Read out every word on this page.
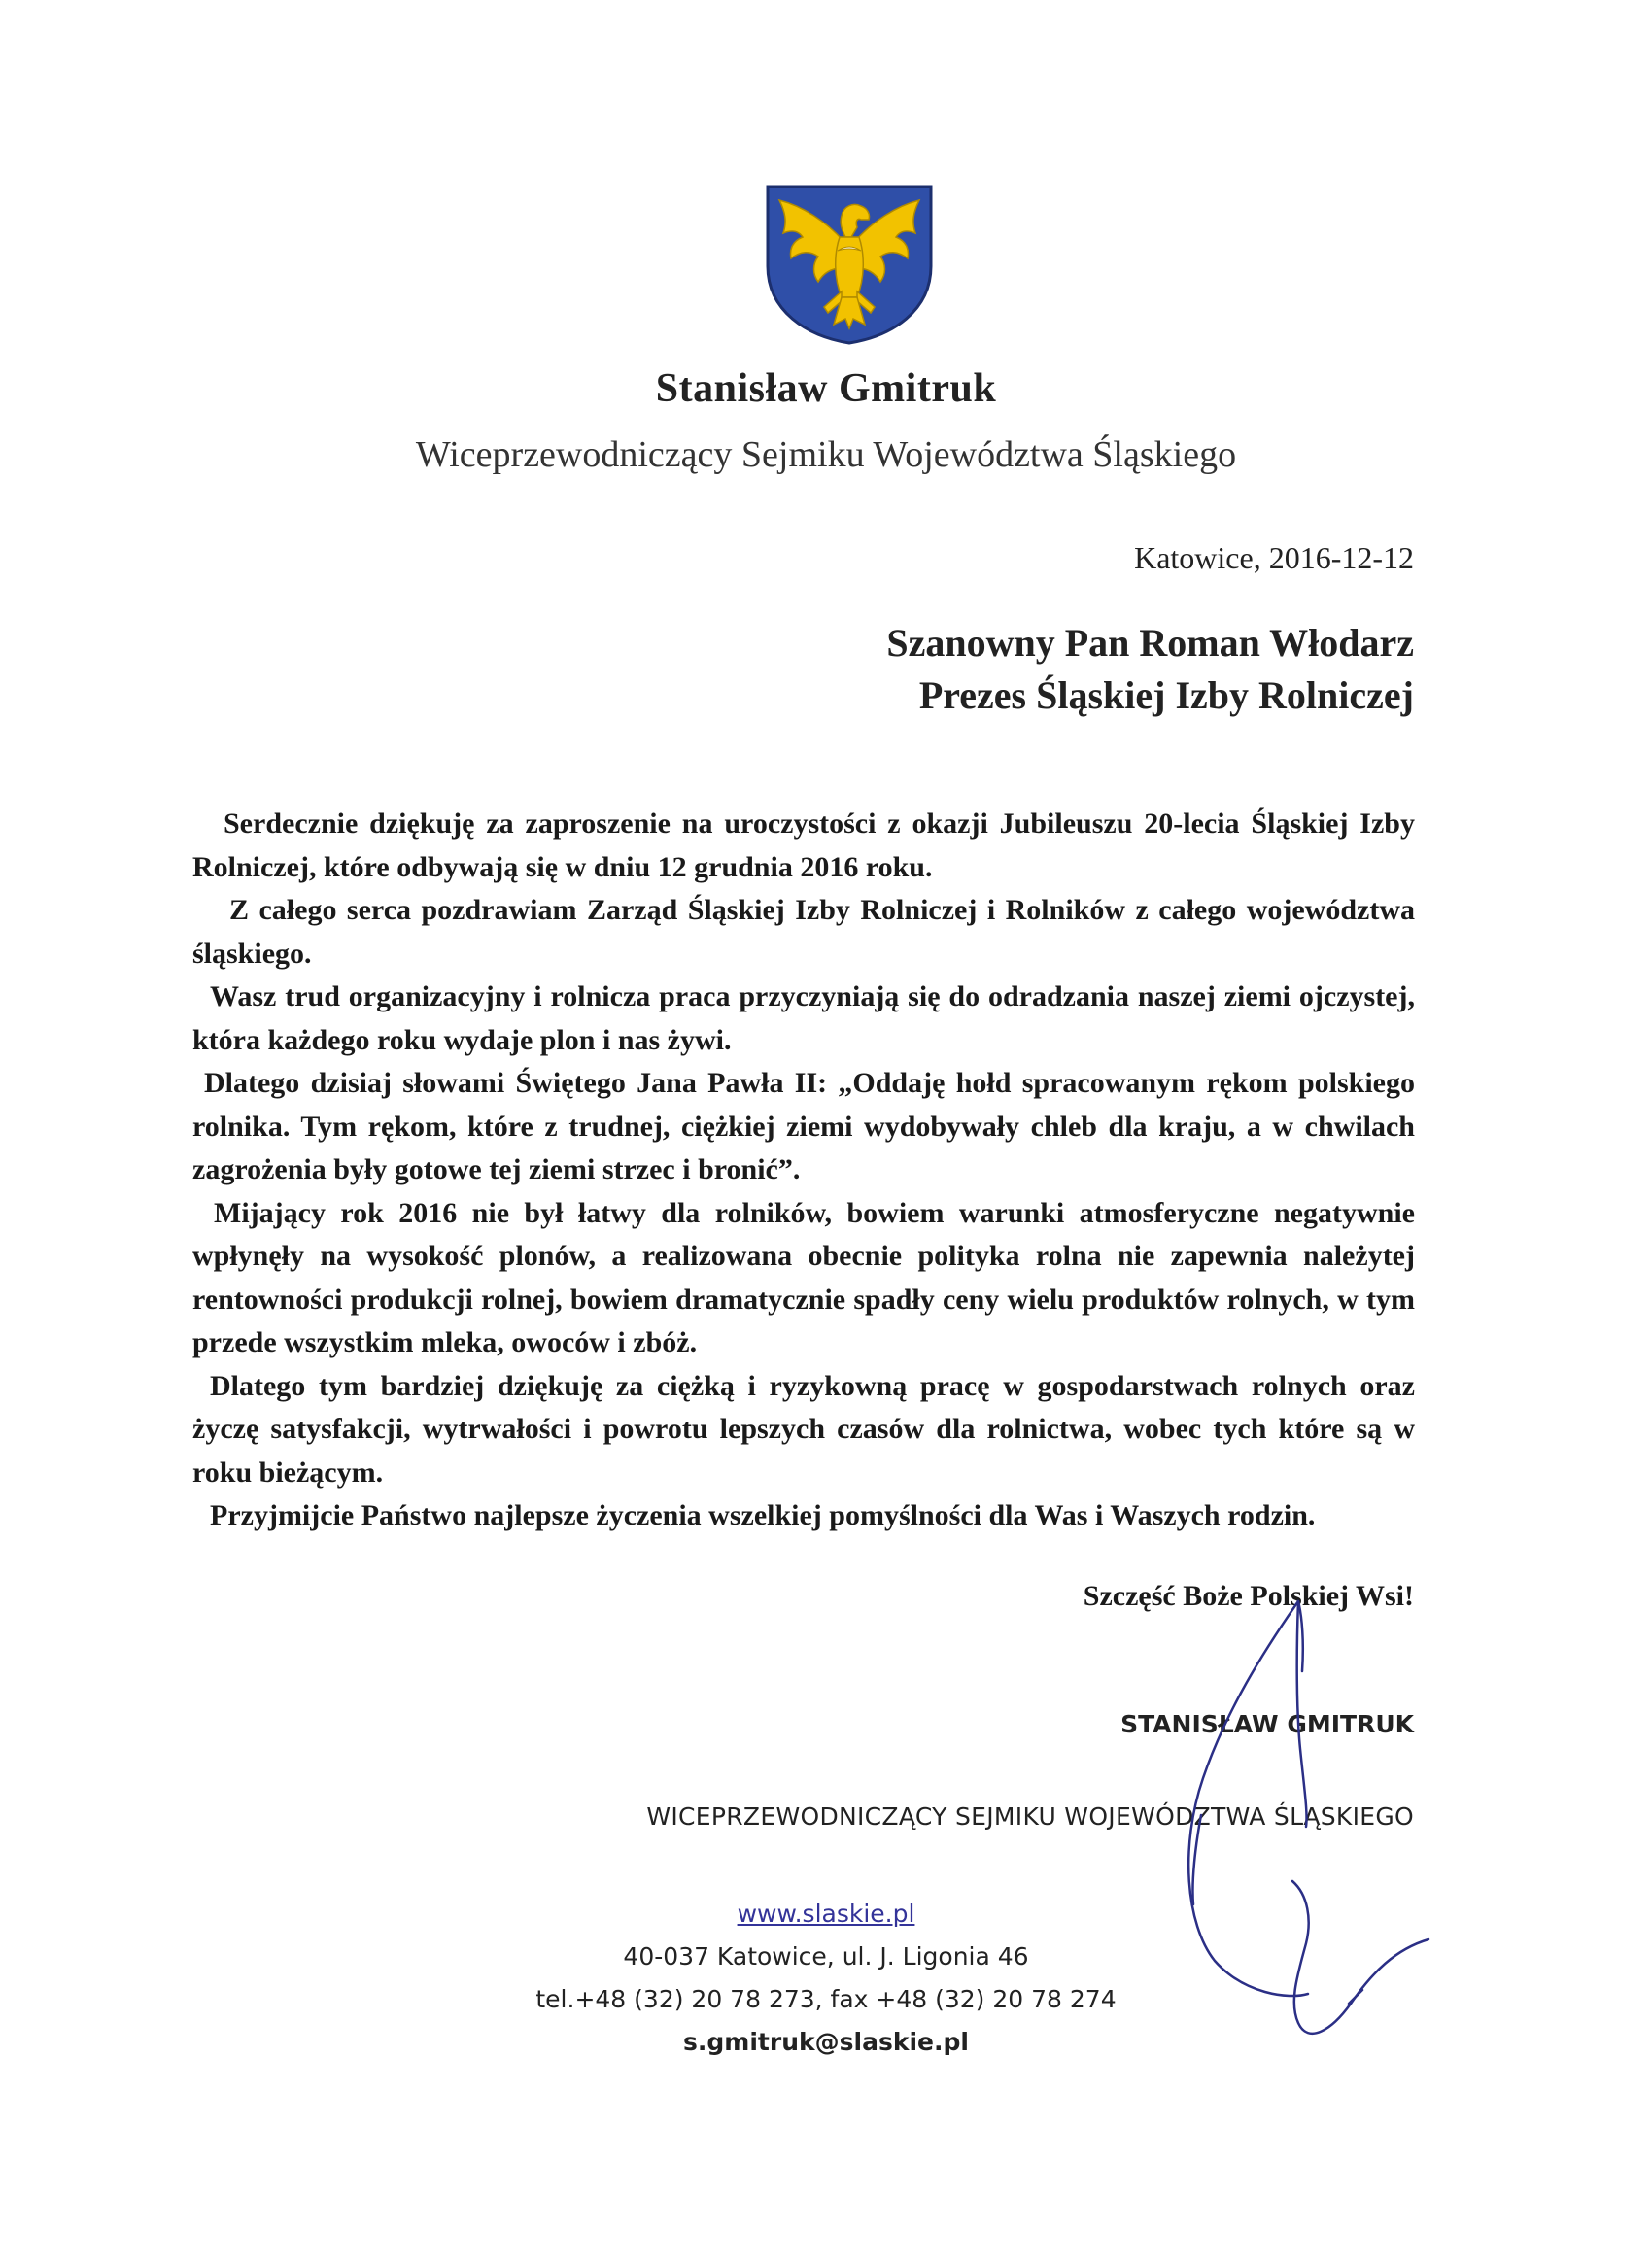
Stanisław Gmitruk
Wiceprzewodniczący Sejmiku Województwa Śląskiego
Katowice, 2016-12-12
Szanowny Pan Roman Włodarz
Prezes Śląskiej Izby Rolniczej

Serdecznie dziękuję za zaproszenie na uroczystości z okazji Jubileuszu 20-lecia Śląskiej Izby Rolniczej, które odbywają się w dniu 12 grudnia 2016 roku.

Z całego serca pozdrawiam Zarząd Śląskiej Izby Rolniczej i Rolników z całego województwa śląskiego.

Wasz trud organizacyjny i rolnicza praca przyczyniają się do odradzania naszej ziemi ojczystej, która każdego roku wydaje plon i nas żywi.

Dlatego dzisiaj słowami Świętego Jana Pawła II: „Oddaję hołd spracowanym rękom polskiego rolnika. Tym rękom, które z trudnej, ciężkiej ziemi wydobywały chleb dla kraju, a w chwilach zagrożenia były gotowe tej ziemi strzec i bronić”.

Mijający rok 2016 nie był łatwy dla rolników, bowiem warunki atmosferyczne negatywnie wpłynęły na wysokość plonów, a realizowana obecnie polityka rolna nie zapewnia należytej rentowności produkcji rolnej, bowiem dramatycznie spadły ceny wielu produktów rolnych, w tym przede wszystkim mleka, owoców i zbóż.

Dlatego tym bardziej dziękuję za ciężką i ryzykowną pracę w gospodarstwach rolnych oraz życzę satysfakcji, wytrwałości i powrotu lepszych czasów dla rolnictwa, wobec tych które są w roku bieżącym.

Przyjmijcie Państwo najlepsze życzenia wszelkiej pomyślności dla Was i Waszych rodzin.

Szczęść Boże Polskiej Wsi!
STANISŁAW GMITRUK
WICEPRZEWODNICZĄCY SEJMIKU WOJEWÓDZTWA ŚLĄSKIEGO
www.slaskie.pl
40-037 Katowice, ul. J. Ligonia 46
tel.+48 (32) 20 78 273, fax +48 (32) 20 78 274
s.gmitruk@slaskie.pl
